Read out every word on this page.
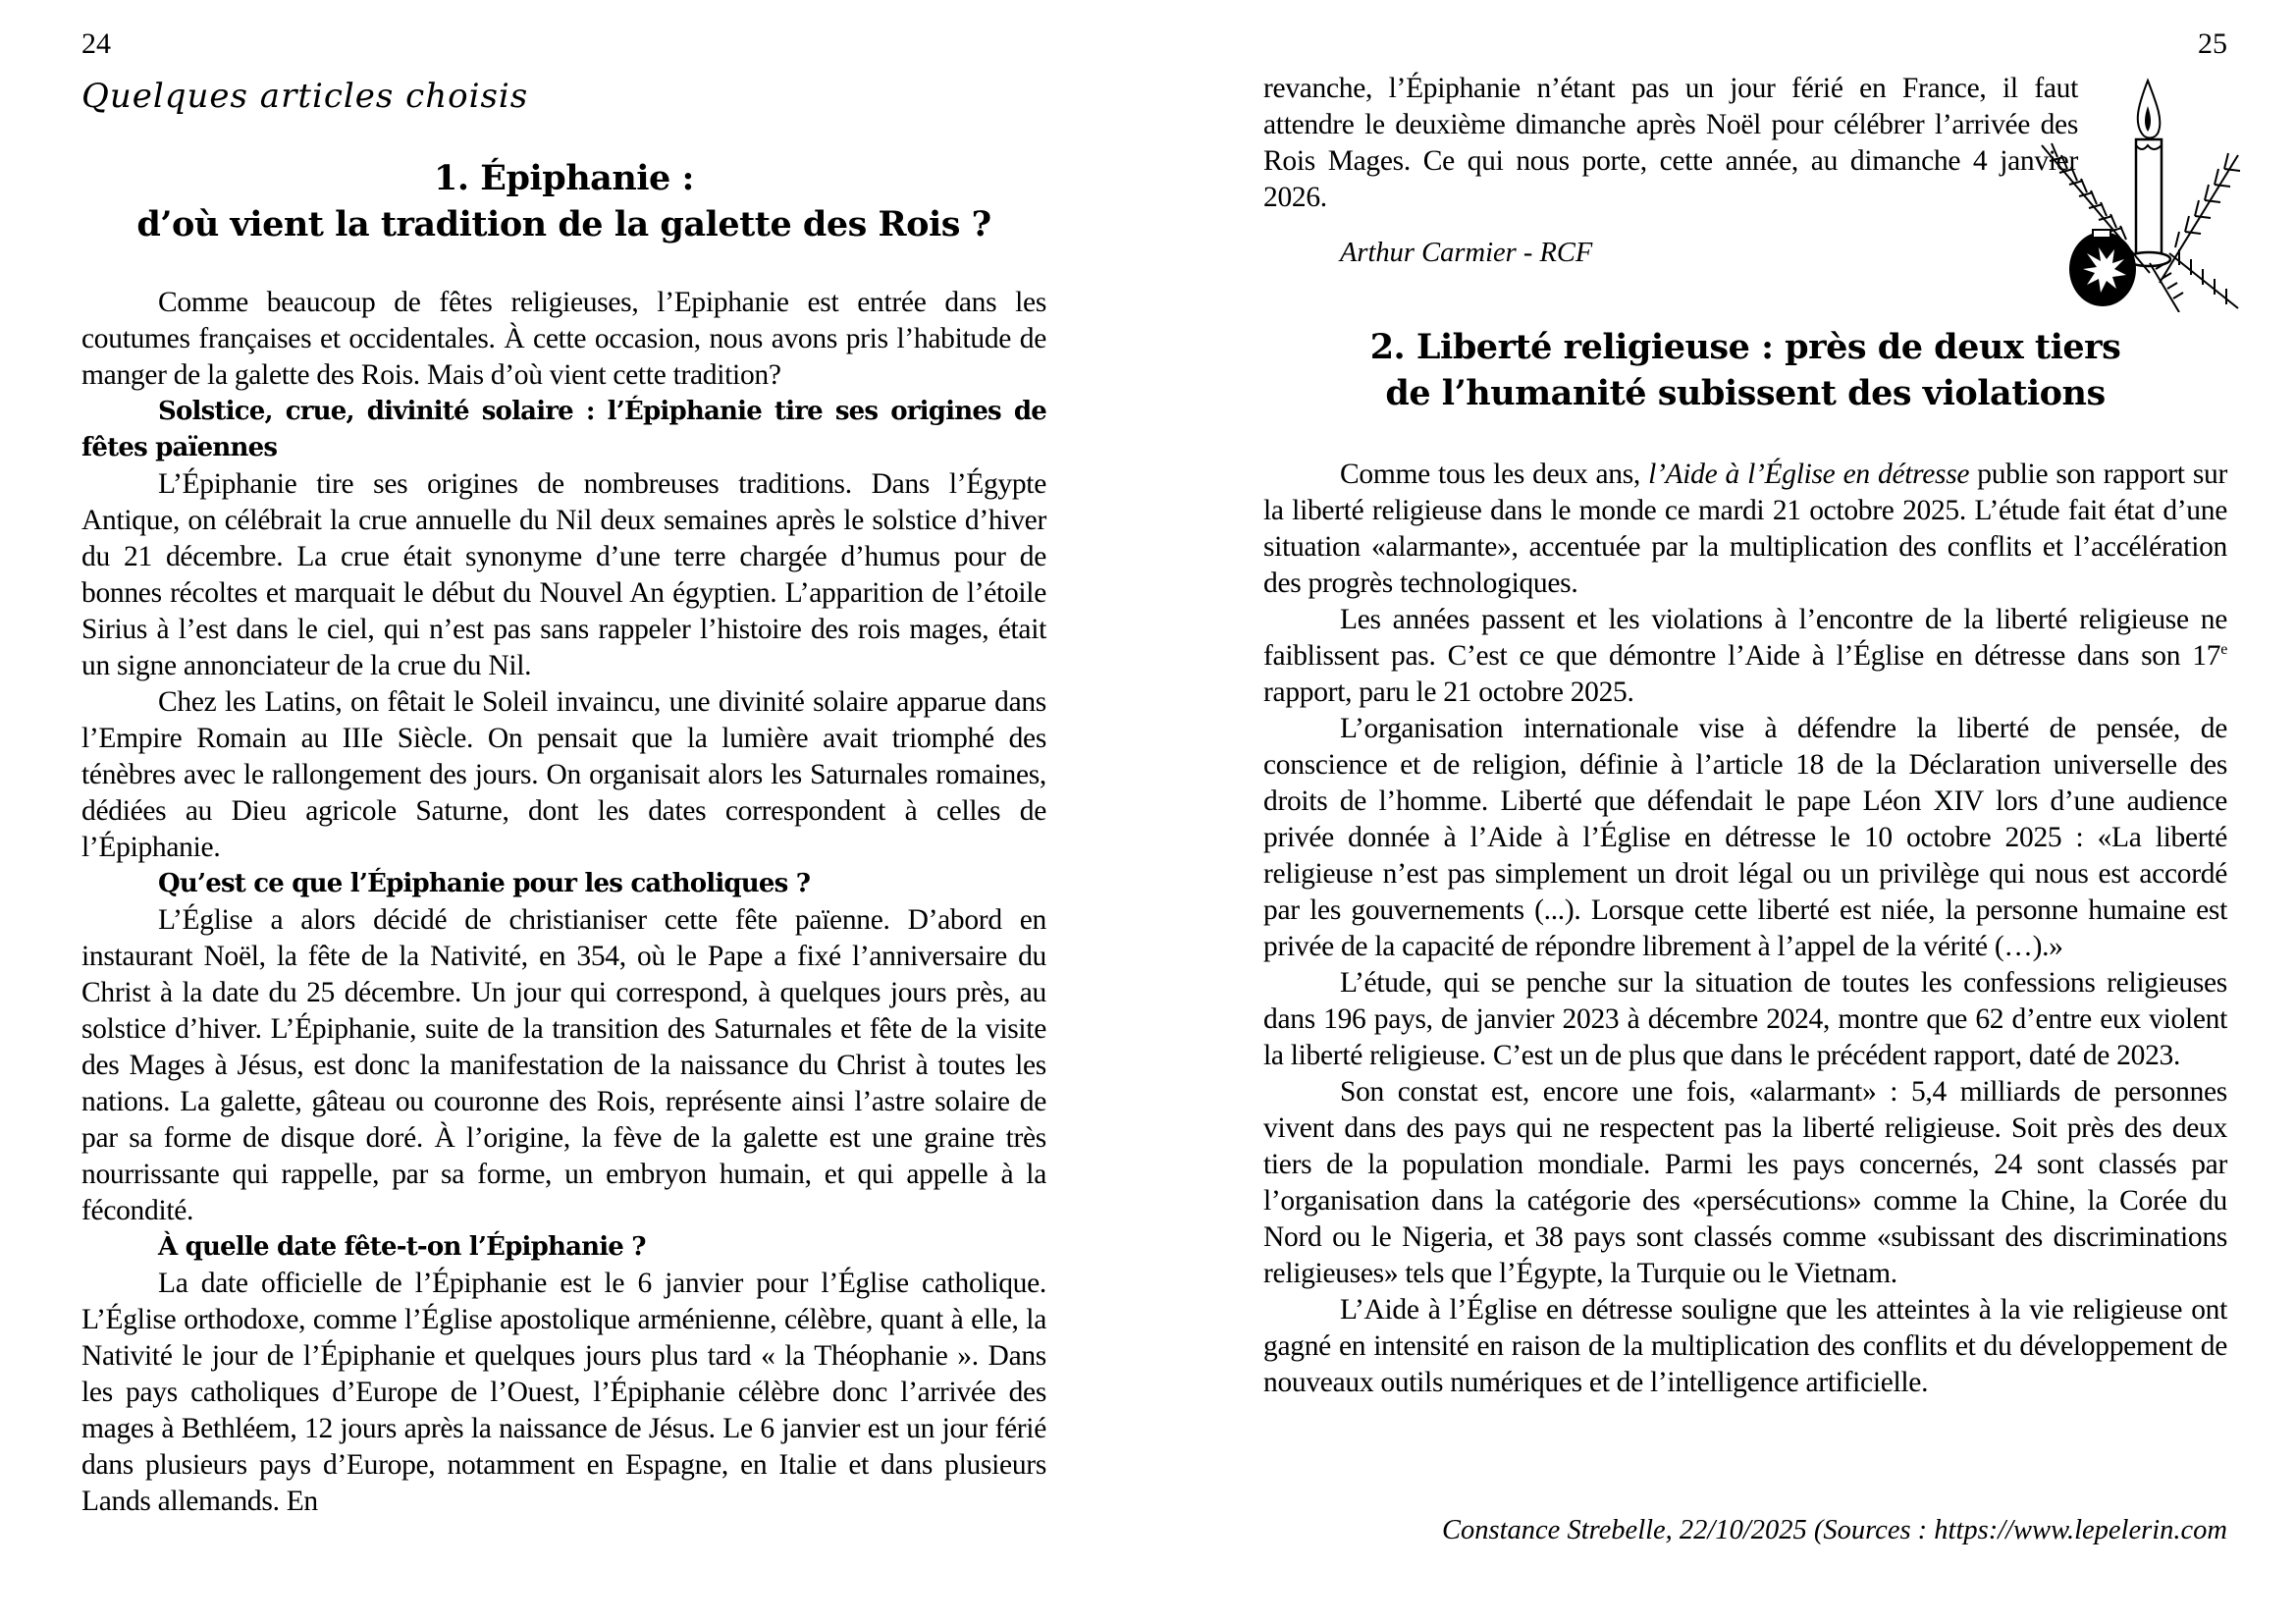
24
Quelques articles choisis
1. Épiphanie :
d’où vient la tradition de la galette des Rois ?

Comme beaucoup de fêtes religieuses, l’Epiphanie est entrée dans les coutumes françaises et occidentales. À cette occasion, nous avons pris l’habitude de manger de la galette des Rois. Mais d’où vient cette tradition?

Solstice, crue, divinité solaire : l’Épiphanie tire ses origines de fêtes païennes

L’Épiphanie tire ses origines de nombreuses traditions. Dans l’Égypte Antique, on célébrait la crue annuelle du Nil deux semaines après le solstice d’hiver du 21 décembre. La crue était synonyme d’une terre chargée d’humus pour de bonnes récoltes et marquait le début du Nouvel An égyptien. L’apparition de l’étoile Sirius à l’est dans le ciel, qui n’est pas sans rappeler l’histoire des rois mages, était un signe annonciateur de la crue du Nil.

Chez les Latins, on fêtait le Soleil invaincu, une divinité solaire apparue dans l’Empire Romain au IIIe Siècle. On pensait que la lumière avait triomphé des ténèbres avec le rallongement des jours. On organisait alors les Saturnales romaines, dédiées au Dieu agricole Saturne, dont les dates correspondent à celles de l’Épiphanie.

Qu’est ce que l’Épiphanie pour les catholiques ?

L’Église a alors décidé de christianiser cette fête païenne. D’abord en instaurant Noël, la fête de la Nativité, en 354, où le Pape a fixé l’anniversaire du Christ à la date du 25 décembre. Un jour qui correspond, à quelques jours près, au solstice d’hiver. L’Épiphanie, suite de la transition des Saturnales et fête de la visite des Mages à Jésus, est donc la manifestation de la naissance du Christ à toutes les nations. La galette, gâteau ou couronne des Rois, représente ainsi l’astre solaire de par sa forme de disque doré. À l’origine, la fève de la galette est une graine très nourrissante qui rappelle, par sa forme, un embryon humain, et qui appelle à la fécondité.

À quelle date fête-t-on l’Épiphanie ?

La date officielle de l’Épiphanie est le 6 janvier pour l’Église catholique. L’Église orthodoxe, comme l’Église apostolique arménienne, célèbre, quant à elle, la Nativité le jour de l’Épiphanie et quelques jours plus tard « la Théophanie ». Dans les pays catholiques d’Europe de l’Ouest, l’Épiphanie célèbre donc l’arrivée des mages à Bethléem, 12 jours après la naissance de Jésus. Le 6 janvier est un jour férié dans plusieurs pays d’Europe, notamment en Espagne, en Italie et dans plusieurs Lands allemands. En

25

revanche, l’Épiphanie n’étant pas un jour férié en France, il faut attendre le deuxième dimanche après Noël pour célébrer l’arrivée des Rois Mages. Ce qui nous porte, cette année, au dimanche 4 janvier 2026.

Arthur Carmier - RCF
2. Liberté religieuse : près de deux tiers
de l’humanité subissent des violations

Comme tous les deux ans, l’Aide à l’Église en détresse publie son rapport sur la liberté religieuse dans le monde ce mardi 21 octobre 2025. L’étude fait état d’une situation «alarmante», accentuée par la multiplication des conflits et l’accélération des progrès technologiques.

Les années passent et les violations à l’encontre de la liberté religieuse ne faiblissent pas. C’est ce que démontre l’Aide à l’Église en détresse dans son 17e rapport, paru le 21 octobre 2025.

L’organisation internationale vise à défendre la liberté de pensée, de conscience et de religion, définie à l’article 18 de la Déclaration universelle des droits de l’homme. Liberté que défendait le pape Léon XIV lors d’une audience privée donnée à l’Aide à l’Église en détresse le 10 octobre 2025 : «La liberté religieuse n’est pas simplement un droit légal ou un privilège qui nous est accordé par les gouvernements (...). Lorsque cette liberté est niée, la personne humaine est privée de la capacité de répondre librement à l’appel de la vérité (…).»

L’étude, qui se penche sur la situation de toutes les confessions religieuses dans 196 pays, de janvier 2023 à décembre 2024, montre que 62 d’entre eux violent la liberté religieuse. C’est un de plus que dans le précédent rapport, daté de 2023.

Son constat est, encore une fois, «alarmant» : 5,4 milliards de personnes vivent dans des pays qui ne respectent pas la liberté religieuse. Soit près des deux tiers de la population mondiale. Parmi les pays concernés, 24 sont classés par l’organisation dans la catégorie des «persécutions» comme la Chine, la Corée du Nord ou le Nigeria, et 38 pays sont classés comme «subissant des discriminations religieuses» tels que l’Égypte, la Turquie ou le Vietnam.

L’Aide à l’Église en détresse souligne que les atteintes à la vie religieuse ont gagné en intensité en raison de la multiplication des conflits et du développement de nouveaux outils numériques et de l’intelligence artificielle.

Constance Strebelle, 22/10/2025 (Sources : https://www.lepelerin.com
